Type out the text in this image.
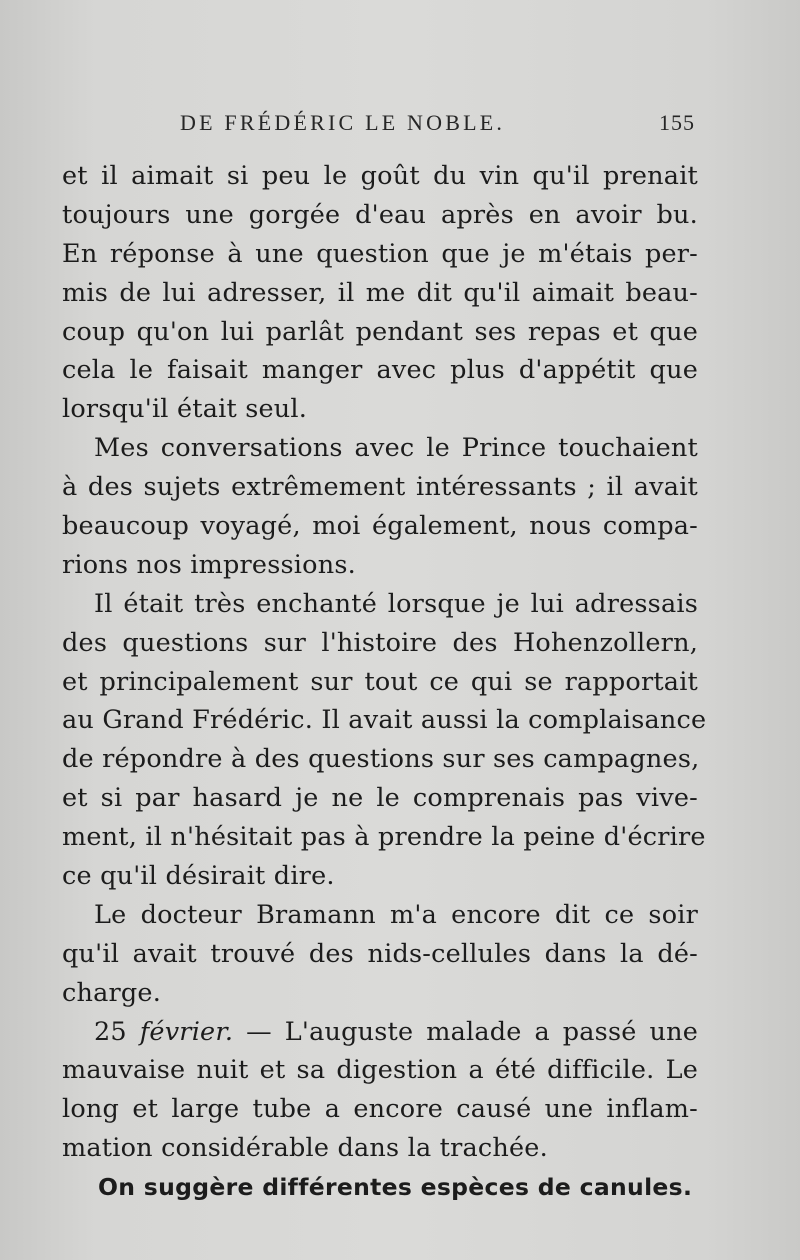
DE FRÉDÉRIC LE NOBLE.	155
et il aimait si peu le goût du vin qu'il prenait
toujours une gorgée d'eau après en avoir bu.
En réponse à une question que je m'étais per-
mis de lui adresser, il me dit qu'il aimait beau-
coup qu'on lui parlât pendant ses repas et que
cela le faisait manger avec plus d'appétit que
lorsqu'il était seul.
Mes conversations avec le Prince touchaient
à des sujets extrêmement intéressants ; il avait
beaucoup voyagé, moi également, nous compa-
rions nos impressions.
Il était très enchanté lorsque je lui adressais
des questions sur l'histoire des Hohenzollern,
et principalement sur tout ce qui se rapportait
au Grand Frédéric. Il avait aussi la complaisance
de répondre à des questions sur ses campagnes,
et si par hasard je ne le comprenais pas vive-
ment, il n'hésitait pas à prendre la peine d'écrire
ce qu'il désirait dire.
Le docteur Bramann m'a encore dit ce soir
qu'il avait trouvé des nids-cellules dans la dé-
charge.
25 février. — L'auguste malade a passé une
mauvaise nuit et sa digestion a été difficile. Le
long et large tube a encore causé une inflam-
mation considérable dans la trachée.
On suggère différentes espèces de canules.
